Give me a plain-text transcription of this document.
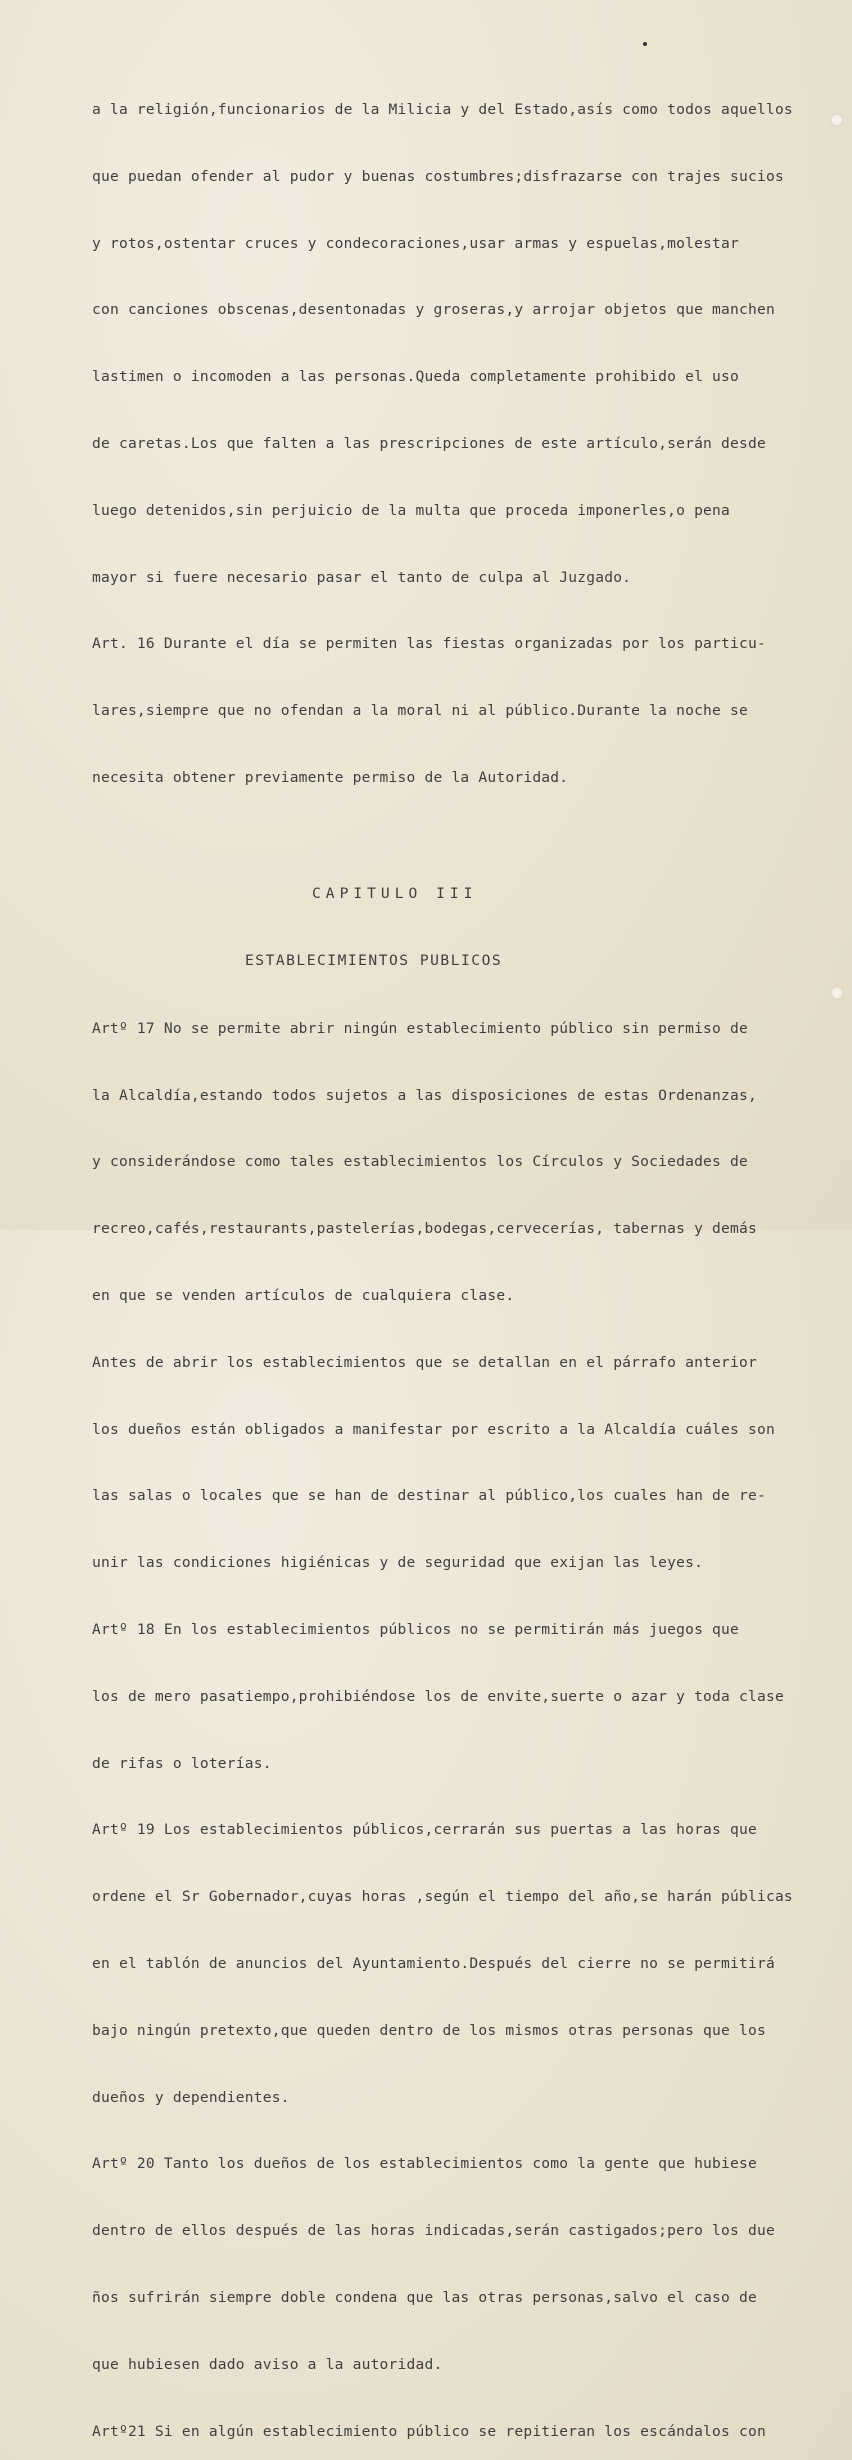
a la religión,funcionarios de la Milicia y del Estado,asís como todos aquellos

que puedan ofender al pudor y buenas costumbres;disfrazarse con trajes sucios

y rotos,ostentar cruces y condecoraciones,usar armas y espuelas,molestar

con canciones obscenas,desentonadas y groseras,y arrojar objetos que manchen

lastimen o incomoden a las personas.Queda completamente prohibido el uso

de caretas.Los que falten a las prescripciones de este artículo,serán desde

luego detenidos,sin perjuicio de la multa que proceda imponerles,o pena

mayor si fuere necesario pasar el tanto de culpa al Juzgado.

Art. 16 Durante el día se permiten las fiestas organizadas por los particu-

lares,siempre que no ofendan a la moral ni al público.Durante la noche se

necesita obtener previamente permiso de la Autoridad.

CAPITULO III

ESTABLECIMIENTOS PUBLICOS

Artº 17 No se permite abrir ningún establecimiento público sin permiso de

la Alcaldía,estando todos sujetos a las disposiciones de estas Ordenanzas,

y considerándose como tales establecimientos los Círculos y Sociedades de

recreo,cafés,restaurants,pastelerías,bodegas,cervecerías, tabernas y demás

en que se venden artículos de cualquiera clase.

Antes de abrir los establecimientos que se detallan en el párrafo anterior

los dueños están obligados a manifestar por escrito a la Alcaldía cuáles son

las salas o locales que se han de destinar al público,los cuales han de re-

unir las condiciones higiénicas y de seguridad que exijan las leyes.

Artº 18 En los establecimientos públicos no se permitirán más juegos que

los de mero pasatiempo,prohibiéndose los de envite,suerte o azar y toda clase

de rifas o loterías.

Artº 19 Los establecimientos públicos,cerrarán sus puertas a las horas que

ordene el Sr Gobernador,cuyas horas ,según el tiempo del año,se harán públicas

en el tablón de anuncios del Ayuntamiento.Después del cierre no se permitirá

bajo ningún pretexto,que queden dentro de los mismos otras personas que los

dueños y dependientes.

Artº 20 Tanto los dueños de los establecimientos como la gente que hubiese

dentro de ellos después de las horas indicadas,serán castigados;pero los due

ños sufrirán siempre doble condena que las otras personas,salvo el caso de

que hubiesen dado aviso a la autoridad.

Artº21 Si en algún establecimiento público se repitieran los escándalos con
